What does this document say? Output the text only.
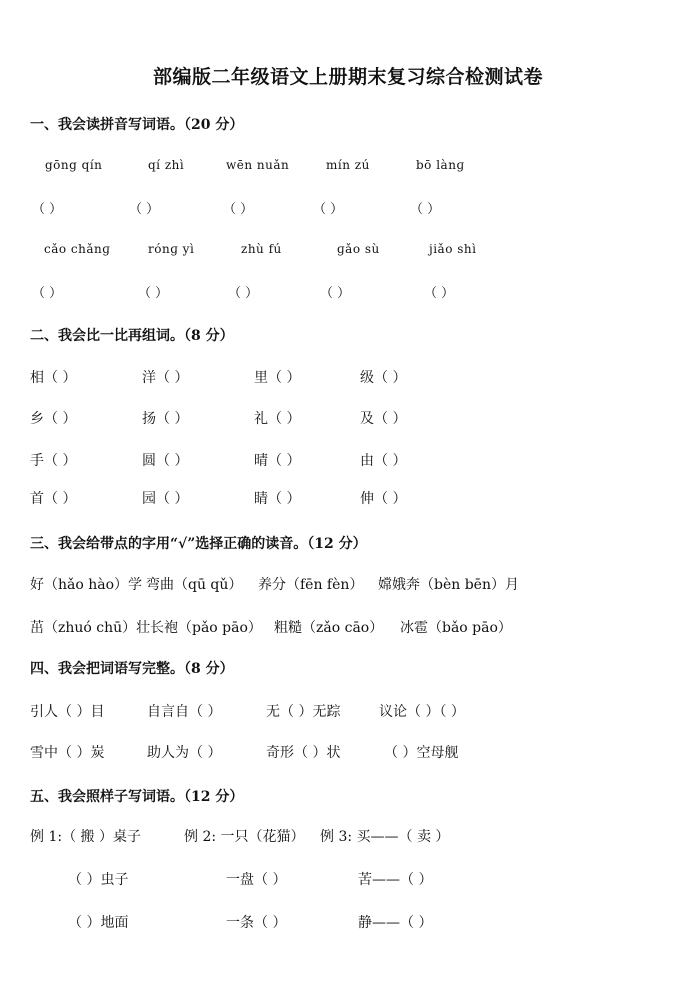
部编版二年级语文上册期末复习综合检测试卷
一、我会读拼音写词语。（20 分）
gōng qín	qí zhì	wēn nuǎn	mín zú	bō lànɡ
（ ）	（ ）	（ ）	（ ）	（ ）
cǎo chǎnɡ	rónɡ yì	zhù fú	ɡǎo sù	jiǎo shì
（ ）	（ ）	（ ）	（ ）	（ ）
二、我会比一比再组词。（8 分）
相（ ）	洋（ ）	里（ ）	级（ ）
乡（ ）	扬（ ）	礼（ ）	及（ ）
手（ ）	圆（ ）	晴（ ）	由（ ）
首（ ）	园（ ）	睛（ ）	伸（ ）
三、我会给带点的字用“√”选择正确的读音。（12 分）
好（hǎo hào）学 弯曲（qū qǔ） 养分（fēn fèn） 嫦娥奔（bèn bēn）月
茁（zhuó chū）壮 长袍（pǎo pāo） 粗糙（zǎo cāo） 冰雹（bǎo pāo）
四、我会把词语写完整。（8 分）
引人（ ）目	自言自（ ）	无（ ）无踪	议论（ ）（ ）
雪中（ ）炭	助人为（ ）	奇形（ ）状	（ ）空母舰
五、我会照样子写词语。（12 分）
例 1:（ 搬 ）桌子	例 2: 一只（花猫） 例 3: 买——（ 卖 ）
（ ）虫子	一盘（ ）	苦——（ ）
（ ）地面	一条（ ）	静——（ ）
